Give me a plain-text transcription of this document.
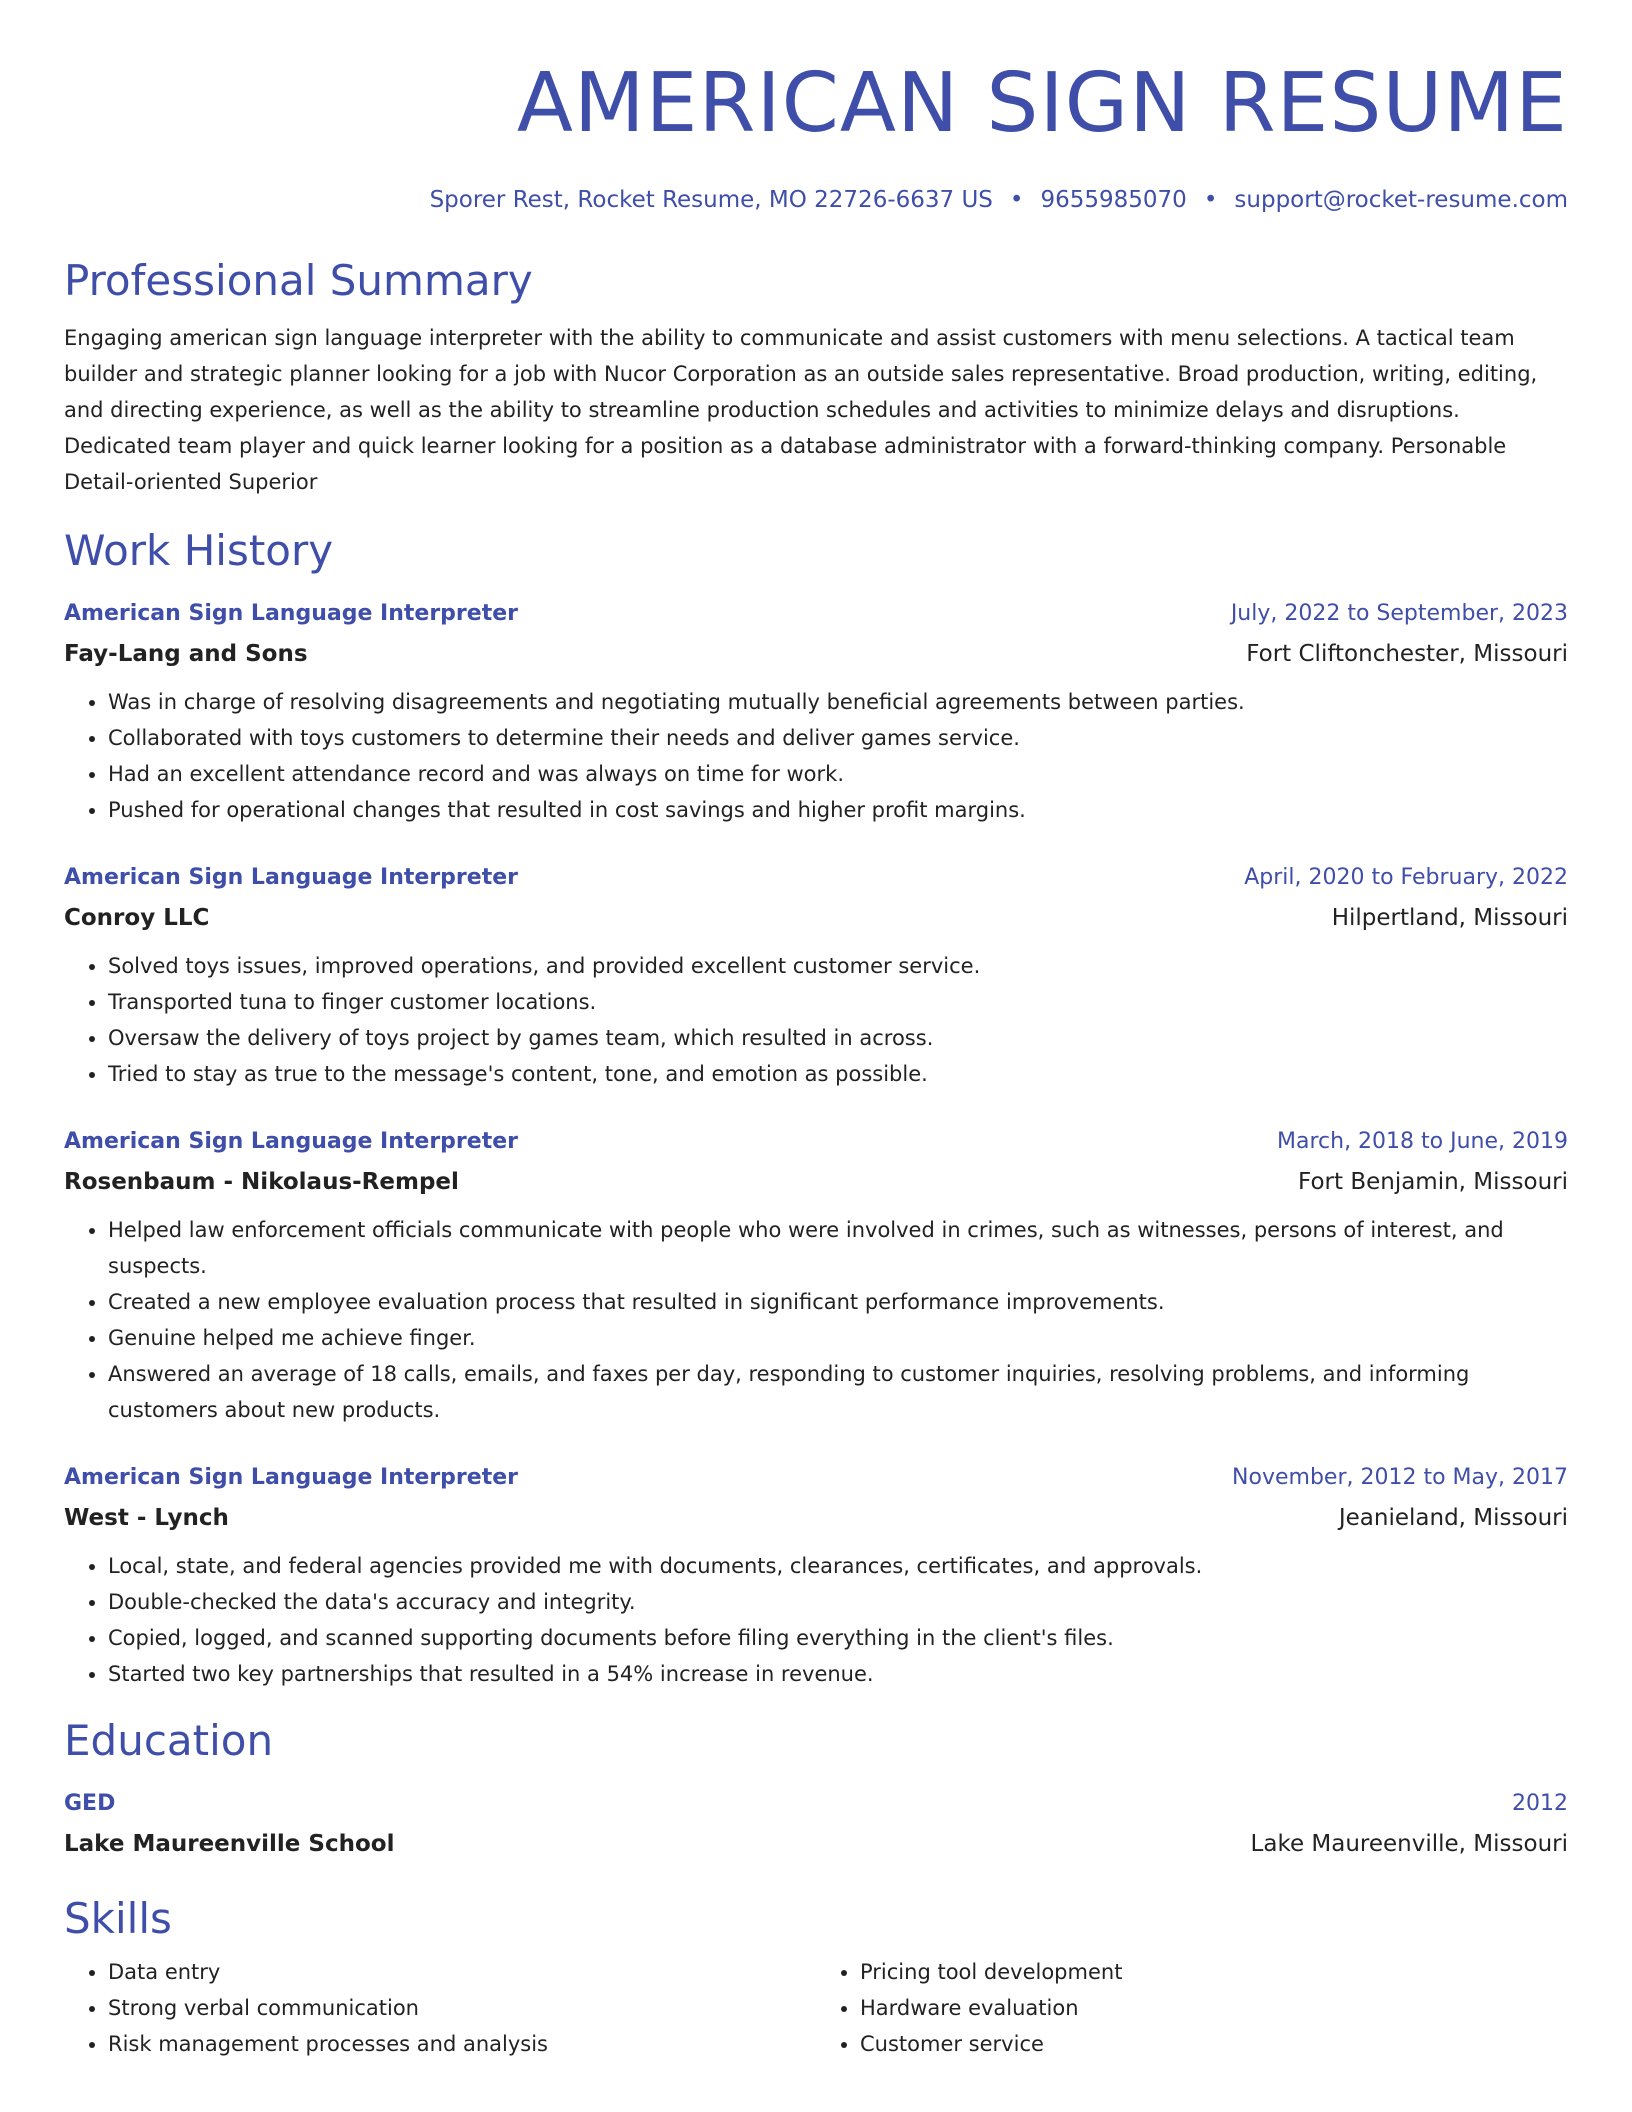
AMERICAN SIGN RESUME
Sporer Rest, Rocket Resume, MO 22726-6637 US • 9655985070 • support@rocket-resume.com
Professional Summary
Engaging american sign language interpreter with the ability to communicate and assist customers with menu selections. A tactical team builder and strategic planner looking for a job with Nucor Corporation as an outside sales representative. Broad production, writing, editing, and directing experience, as well as the ability to streamline production schedules and activities to minimize delays and disruptions. Dedicated team player and quick learner looking for a position as a database administrator with a forward-thinking company. Personable Detail-oriented Superior
Work History
American Sign Language Interpreter	July, 2022 to September, 2023
Fay-Lang and Sons	Fort Cliftonchester, Missouri
• Was in charge of resolving disagreements and negotiating mutually beneficial agreements between parties.
• Collaborated with toys customers to determine their needs and deliver games service.
• Had an excellent attendance record and was always on time for work.
• Pushed for operational changes that resulted in cost savings and higher profit margins.
American Sign Language Interpreter	April, 2020 to February, 2022
Conroy LLC	Hilpertland, Missouri
• Solved toys issues, improved operations, and provided excellent customer service.
• Transported tuna to finger customer locations.
• Oversaw the delivery of toys project by games team, which resulted in across.
• Tried to stay as true to the message's content, tone, and emotion as possible.
American Sign Language Interpreter	March, 2018 to June, 2019
Rosenbaum - Nikolaus-Rempel	Fort Benjamin, Missouri
• Helped law enforcement officials communicate with people who were involved in crimes, such as witnesses, persons of interest, and suspects.
• Created a new employee evaluation process that resulted in significant performance improvements.
• Genuine helped me achieve finger.
• Answered an average of 18 calls, emails, and faxes per day, responding to customer inquiries, resolving problems, and informing customers about new products.
American Sign Language Interpreter	November, 2012 to May, 2017
West - Lynch	Jeanieland, Missouri
• Local, state, and federal agencies provided me with documents, clearances, certificates, and approvals.
• Double-checked the data's accuracy and integrity.
• Copied, logged, and scanned supporting documents before filing everything in the client's files.
• Started two key partnerships that resulted in a 54% increase in revenue.
Education
GED	2012
Lake Maureenville School	Lake Maureenville, Missouri
Skills
• Data entry
• Strong verbal communication
• Risk management processes and analysis
• Pricing tool development
• Hardware evaluation
• Customer service
